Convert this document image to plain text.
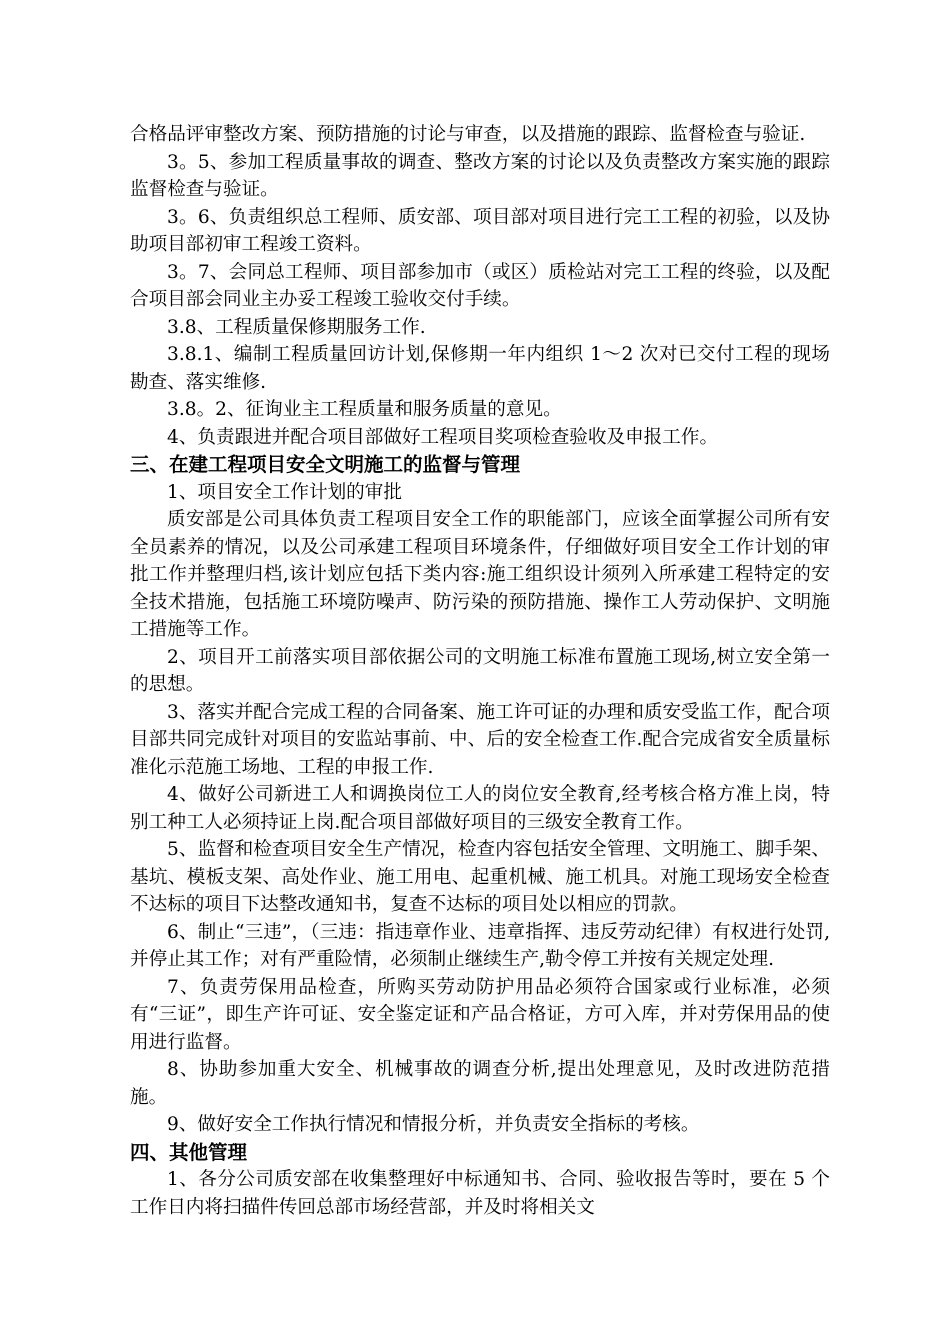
合格品评审整改方案、预防措施的讨论与审查，以及措施的跟踪、监督检查与验证.

3。5、参加工程质量事故的调查、整改方案的讨论以及负责整改方案实施的跟踪监督检查与验证。

3。6、负责组织总工程师、质安部、项目部对项目进行完工工程的初验，以及协助项目部初审工程竣工资料。

3。7、会同总工程师、项目部参加市（或区）质检站对完工工程的终验，以及配合项目部会同业主办妥工程竣工验收交付手续。

3.8、工程质量保修期服务工作.

3.8.1、编制工程质量回访计划,保修期一年内组织 1～2 次对已交付工程的现场勘查、落实维修.

3.8。2、征询业主工程质量和服务质量的意见。

4、负责跟进并配合项目部做好工程项目奖项检查验收及申报工作。

三、在建工程项目安全文明施工的监督与管理

1、项目安全工作计划的审批

质安部是公司具体负责工程项目安全工作的职能部门，应该全面掌握公司所有安全员素养的情况，以及公司承建工程项目环境条件，仔细做好项目安全工作计划的审批工作并整理归档,该计划应包括下类内容:施工组织设计须列入所承建工程特定的安全技术措施，包括施工环境防噪声、防污染的预防措施、操作工人劳动保护、文明施工措施等工作。

2、项目开工前落实项目部依据公司的文明施工标准布置施工现场,树立安全第一的思想。

3、落实并配合完成工程的合同备案、施工许可证的办理和质安受监工作，配合项目部共同完成针对项目的安监站事前、中、后的安全检查工作.配合完成省安全质量标准化示范施工场地、工程的申报工作.

4、做好公司新进工人和调换岗位工人的岗位安全教育,经考核合格方准上岗，特别工种工人必须持证上岗.配合项目部做好项目的三级安全教育工作。

5、监督和检查项目安全生产情况，检查内容包括安全管理、文明施工、脚手架、基坑、模板支架、高处作业、施工用电、起重机械、施工机具。对施工现场安全检查不达标的项目下达整改通知书，复查不达标的项目处以相应的罚款。

6、制止“三违”，（三违：指违章作业、违章指挥、违反劳动纪律）有权进行处罚,并停止其工作；对有严重险情，必须制止继续生产,勒令停工并按有关规定处理.

7、负责劳保用品检查，所购买劳动防护用品必须符合国家或行业标准，必须有“三证”，即生产许可证、安全鉴定证和产品合格证，方可入库，并对劳保用品的使用进行监督。

8、协助参加重大安全、机械事故的调查分析,提出处理意见，及时改进防范措施。

9、做好安全工作执行情况和情报分析，并负责安全指标的考核。

四、其他管理

1、各分公司质安部在收集整理好中标通知书、合同、验收报告等时，要在 5 个工作日内将扫描件传回总部市场经营部，并及时将相关文
